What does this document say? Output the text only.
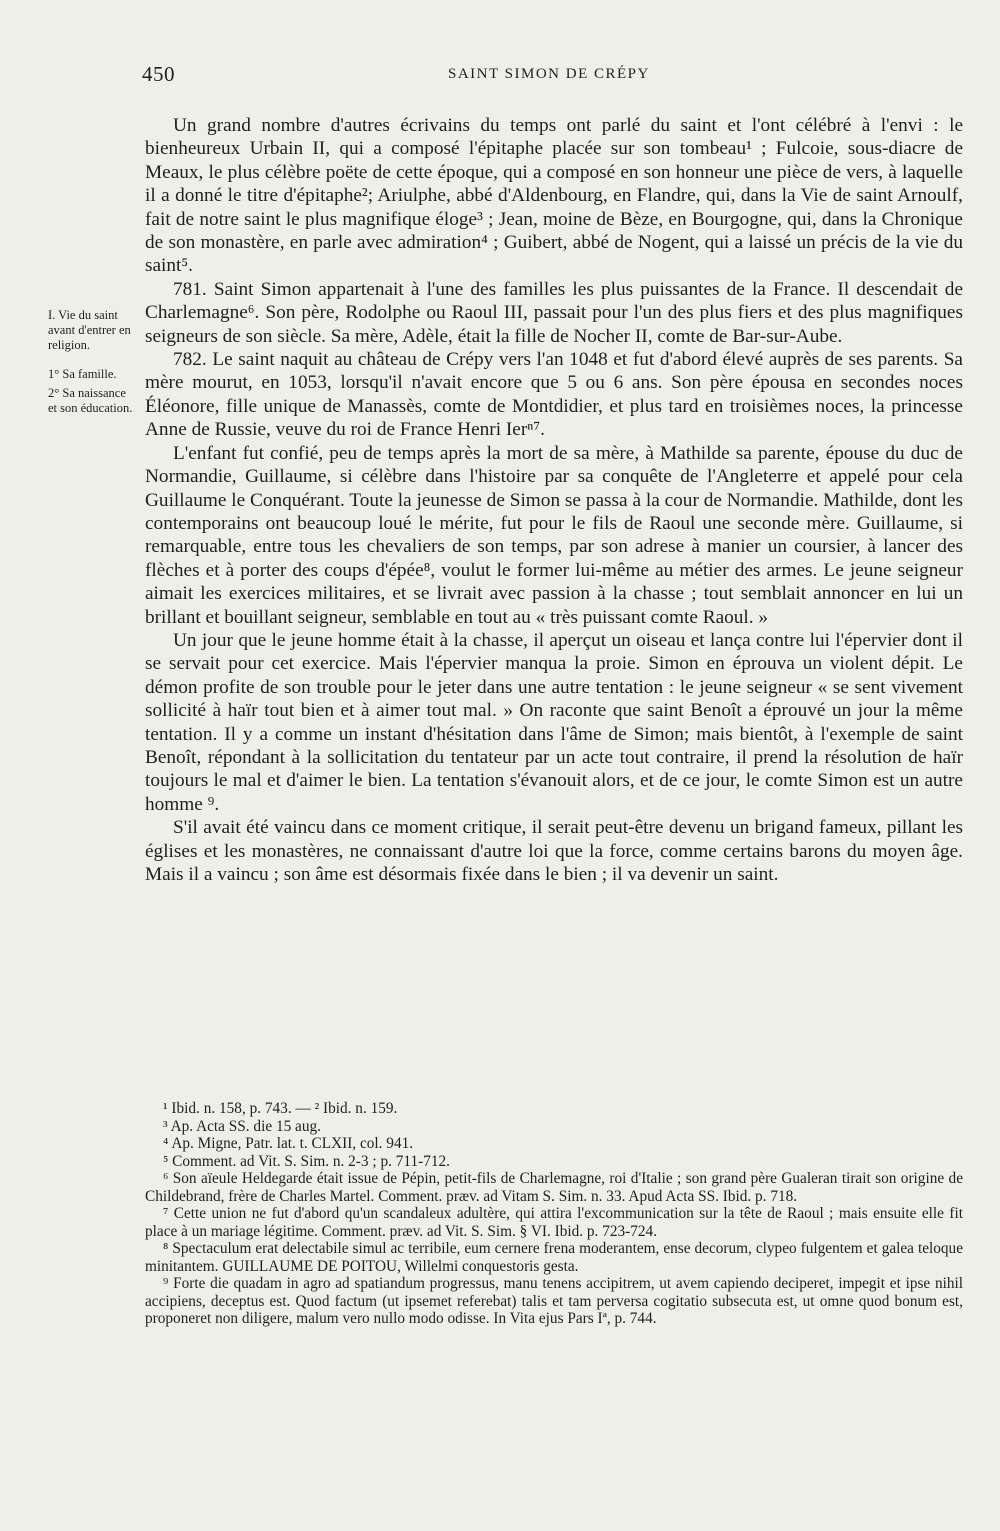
450	SAINT SIMON DE CRÉPY
I. Vie du saint avant d'entrer en religion.
1° Sa famille.
2° Sa naissance et son éducation.

Un grand nombre d'autres écrivains du temps ont parlé du saint et l'ont célébré à l'envi : le bienheureux Urbain II, qui a composé l'épitaphe placée sur son tombeau¹ ; Fulcoie, sous-diacre de Meaux, le plus célèbre poëte de cette époque, qui a composé en son honneur une pièce de vers, à laquelle il a donné le titre d'épitaphe²; Ariulphe, abbé d'Aldenbourg, en Flandre, qui, dans la Vie de saint Arnoulf, fait de notre saint le plus magnifique éloge³ ; Jean, moine de Bèze, en Bourgogne, qui, dans la Chronique de son monastère, en parle avec admiration⁴ ; Guibert, abbé de Nogent, qui a laissé un précis de la vie du saint⁵.

781. Saint Simon appartenait à l'une des familles les plus puissantes de la France. Il descendait de Charlemagne⁶. Son père, Rodolphe ou Raoul III, passait pour l'un des plus fiers et des plus magnifiques seigneurs de son siècle. Sa mère, Adèle, était la fille de Nocher II, comte de Bar-sur-Aube.

782. Le saint naquit au château de Crépy vers l'an 1048 et fut d'abord élevé auprès de ses parents. Sa mère mourut, en 1053, lorsqu'il n'avait encore que 5 ou 6 ans. Son père épousa en secondes noces Éléonore, fille unique de Manassès, comte de Montdidier, et plus tard en troisièmes noces, la princesse Anne de Russie, veuve du roi de France Henri Ierⁿ⁷.

L'enfant fut confié, peu de temps après la mort de sa mère, à Mathilde sa parente, épouse du duc de Normandie, Guillaume, si célèbre dans l'histoire par sa conquête de l'Angleterre et appelé pour cela Guillaume le Conquérant. Toute la jeunesse de Simon se passa à la cour de Normandie. Mathilde, dont les contemporains ont beaucoup loué le mérite, fut pour le fils de Raoul une seconde mère. Guillaume, si remarquable, entre tous les chevaliers de son temps, par son adrese à manier un coursier, à lancer des flèches et à porter des coups d'épée⁸, voulut le former lui-même au métier des armes. Le jeune seigneur aimait les exercices militaires, et se livrait avec passion à la chasse ; tout semblait annoncer en lui un brillant et bouillant seigneur, semblable en tout au « très puissant comte Raoul. »

Un jour que le jeune homme était à la chasse, il aperçut un oiseau et lança contre lui l'épervier dont il se servait pour cet exercice. Mais l'épervier manqua la proie. Simon en éprouva un violent dépit. Le démon profite de son trouble pour le jeter dans une autre tentation : le jeune seigneur « se sent vivement sollicité à haïr tout bien et à aimer tout mal. » On raconte que saint Benoît a éprouvé un jour la même tentation. Il y a comme un instant d'hésitation dans l'âme de Simon; mais bientôt, à l'exemple de saint Benoît, répondant à la sollicitation du tentateur par un acte tout contraire, il prend la résolution de haïr toujours le mal et d'aimer le bien. La tentation s'évanouit alors, et de ce jour, le comte Simon est un autre homme ⁹.

S'il avait été vaincu dans ce moment critique, il serait peut-être devenu un brigand fameux, pillant les églises et les monastères, ne connaissant d'autre loi que la force, comme certains barons du moyen âge. Mais il a vaincu ; son âme est désormais fixée dans le bien ; il va devenir un saint.

¹ Ibid. n. 158, p. 743. — ² Ibid. n. 159.

³ Ap. Acta SS. die 15 aug.

⁴ Ap. Migne, Patr. lat. t. CLXII, col. 941.

⁵ Comment. ad Vit. S. Sim. n. 2-3 ; p. 711-712.

⁶ Son aïeule Heldegarde était issue de Pépin, petit-fils de Charlemagne, roi d'Italie ; son grand père Gualeran tirait son origine de Childebrand, frère de Charles Martel. Comment. præv. ad Vitam S. Sim. n. 33. Apud Acta SS. Ibid. p. 718.

⁷ Cette union ne fut d'abord qu'un scandaleux adultère, qui attira l'excommunication sur la tête de Raoul ; mais ensuite elle fit place à un mariage légitime. Comment. præv. ad Vit. S. Sim. § VI. Ibid. p. 723-724.

⁸ Spectaculum erat delectabile simul ac terribile, eum cernere frena moderantem, ense decorum, clypeo fulgentem et galea teloque minitantem. GUILLAUME DE POITOU, Willelmi conquestoris gesta.

⁹ Forte die quadam in agro ad spatiandum progressus, manu tenens accipitrem, ut avem capiendo deciperet, impegit et ipse nihil accipiens, deceptus est. Quod factum (ut ipsemet referebat) talis et tam perversa cogitatio subsecuta est, ut omne quod bonum est, proponeret non diligere, malum vero nullo modo odisse. In Vita ejus Pars Iª, p. 744.
